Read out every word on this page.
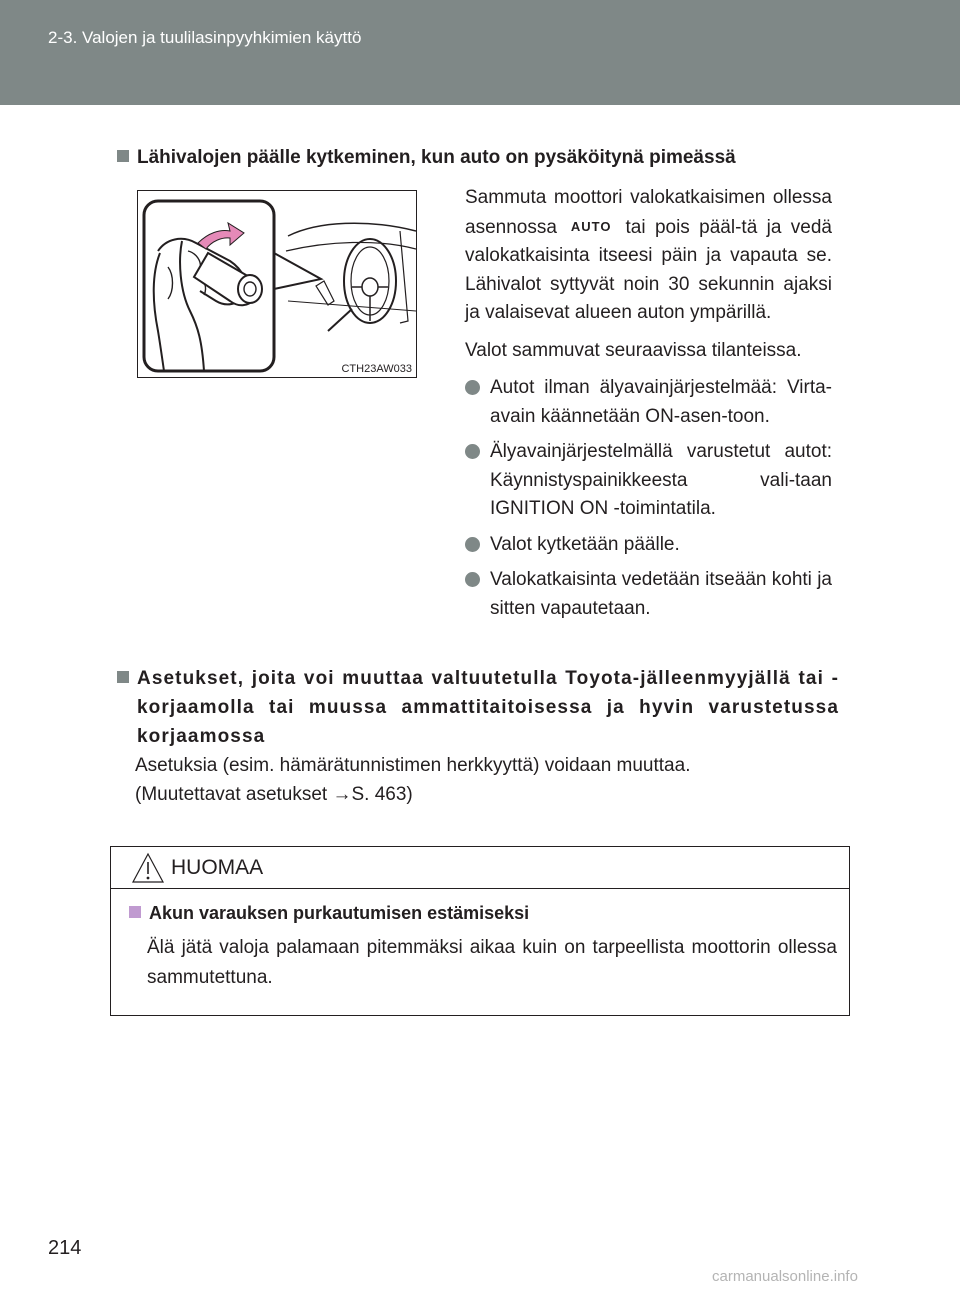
2-3. Valojen ja tuulilasinpyyhkimien käyttö
Lähivalojen päälle kytkeminen, kun auto on pysäköitynä pimeässä
CTH23AW033

Sammuta moottori valokatkaisimen ollessa asennossa AUTO tai pois pääl-tä ja vedä valokatkaisinta itseesi päin ja vapauta se. Lähivalot syttyvät noin 30 sekunnin ajaksi ja valaisevat alueen auton ympärillä.

Valot sammuvat seuraavissa tilanteissa.

Autot ilman älyavainjärjestelmää: Virta-avain käännetään ON-asen-toon.
Älyavainjärjestelmällä varustetut autot: Käynnistyspainikkeesta vali-taan IGNITION ON -toimintatila.
Valot kytketään päälle.
Valokatkaisinta vedetään itseään kohti ja sitten vapautetaan.
Asetukset, joita voi muuttaa valtuutetulla Toyota-jälleenmyyjällä tai -korjaamolla tai muussa ammattitaitoisessa ja hyvin varustetussa korjaamossa

Asetuksia (esim. hämärätunnistimen herkkyyttä) voidaan muuttaa.

(Muutettavat asetukset →S. 463)

HUOMAA
Akun varauksen purkautumisen estämiseksi

Älä jätä valoja palamaan pitemmäksi aikaa kuin on tarpeellista moottorin ollessa sammutettuna.

214
carmanualsonline.info
